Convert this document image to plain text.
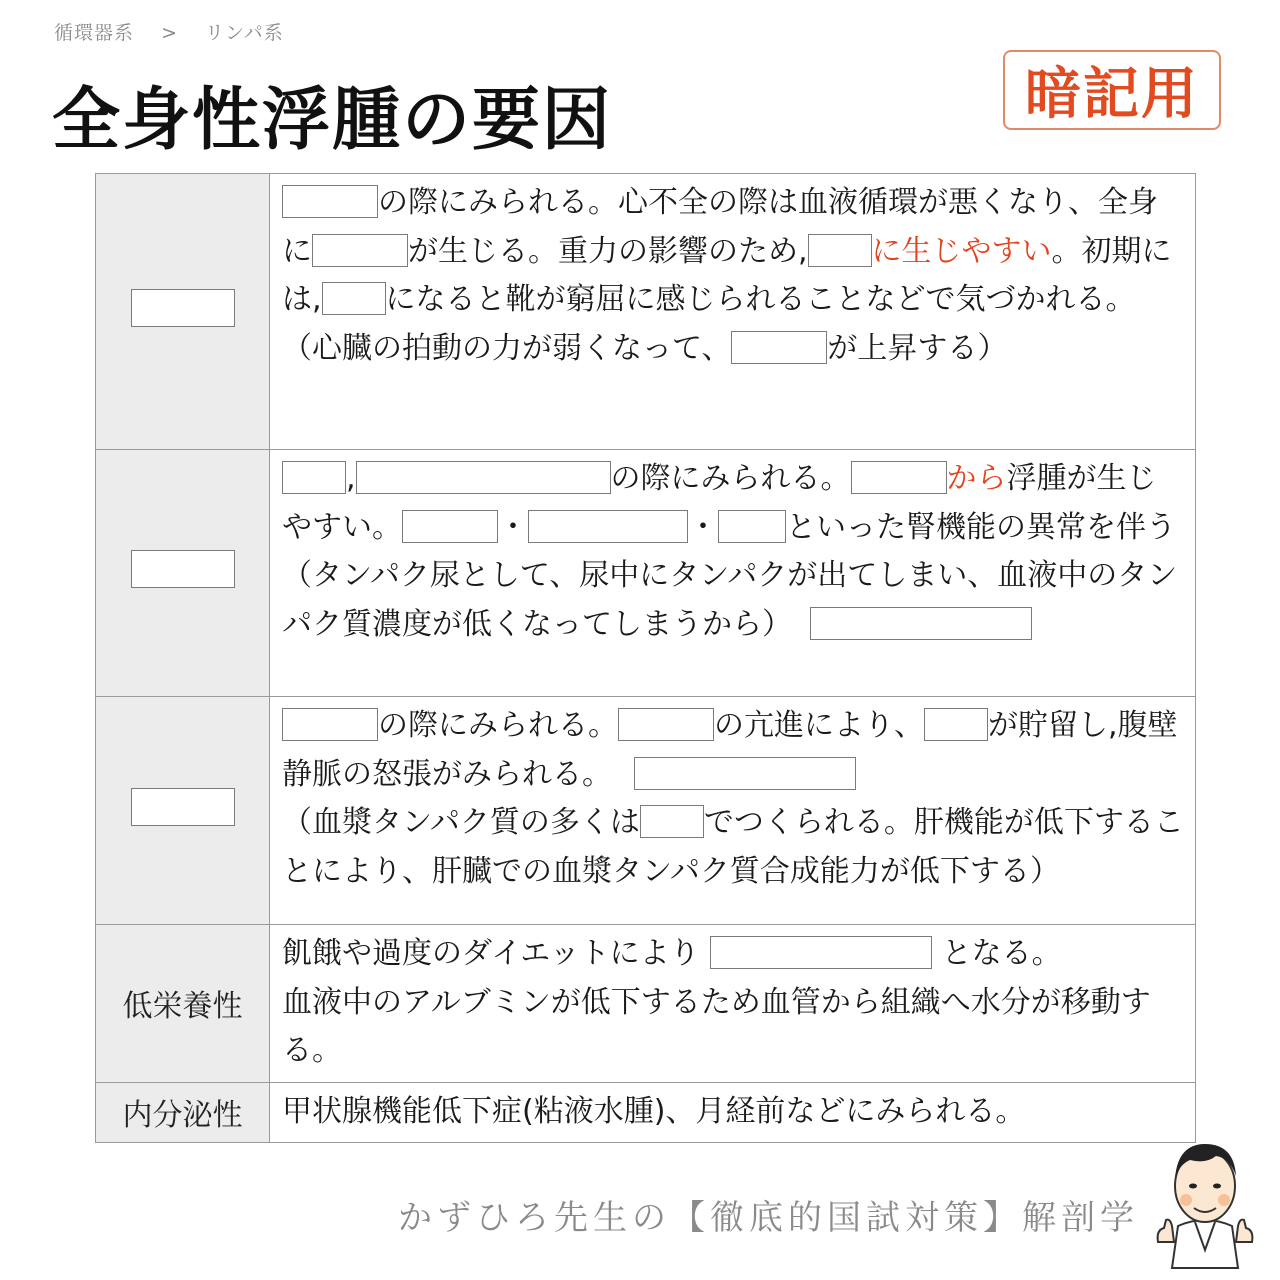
循環器系 > リンパ系
全身性浮腫の要因	暗記用
	の際にみられる。心不全の際は血液循環が悪くなり、全身に が生じる。重力の影響のため, に生じやすい。初期には, になると靴が窮屈に感じられることなどで気づかれる。
（心臓の拍動の力が弱くなって、 が上昇する）
	, の際にみられる。 から浮腫が生じやすい。 ・ ・ といった腎機能の異常を伴う
（タンパク尿として、尿中にタンパクが出てしまい、血液中のタンパク質濃度が低くなってしまうから）
	の際にみられる。 の亢進により、 が貯留し,腹壁静脈の怒張がみられる。
（血漿タンパク質の多くは でつくられる。肝機能が低下することにより、肝臓での血漿タンパク質合成能力が低下する）
低栄養性	飢餓や過度のダイエットにより となる。
血液中のアルブミンが低下するため血管から組織へ水分が移動する。
内分泌性	甲状腺機能低下症(粘液水腫)、月経前などにみられる。
かずひろ先生の【徹底的国試対策】解剖学
